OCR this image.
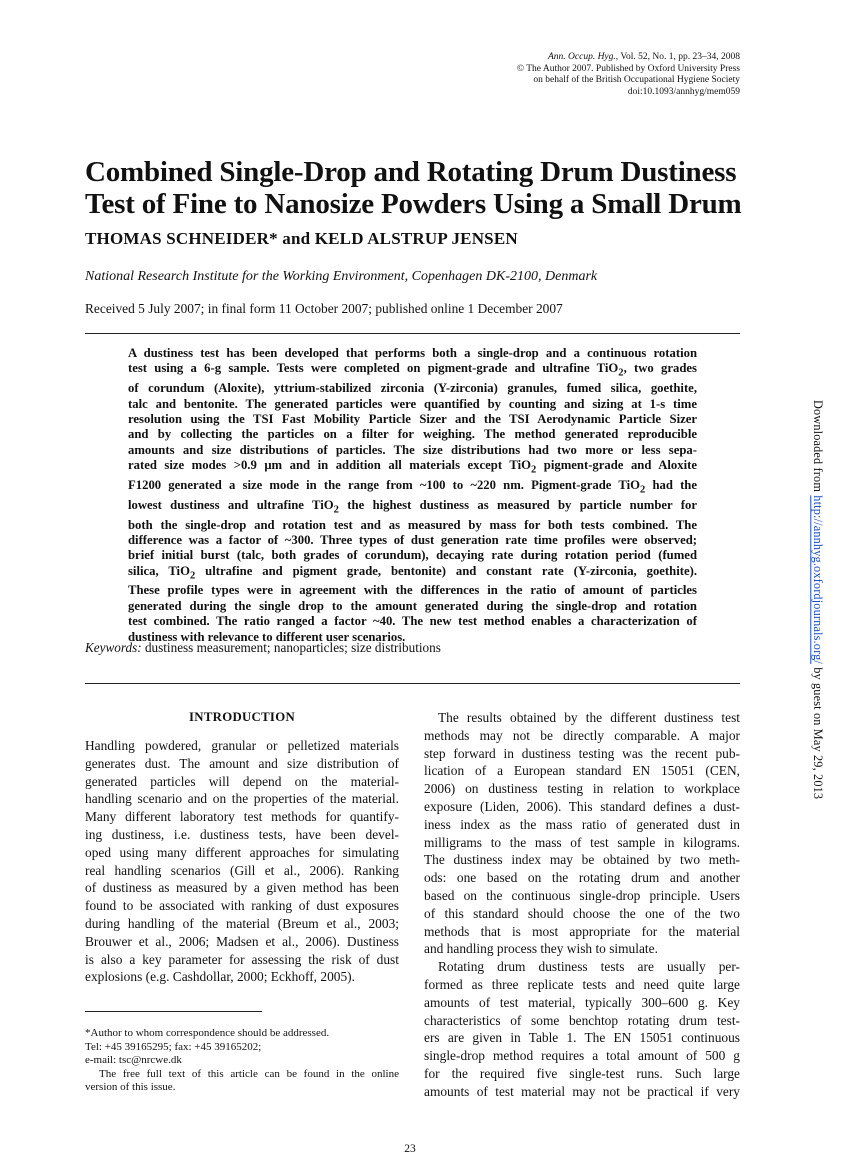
Ann. Occup. Hyg., Vol. 52, No. 1, pp. 23–34, 2008
© The Author 2007. Published by Oxford University Press
on behalf of the British Occupational Hygiene Society
doi:10.1093/annhyg/mem059
Combined Single-Drop and Rotating Drum Dustiness
Test of Fine to Nanosize Powders Using a Small Drum
THOMAS SCHNEIDER* and KELD ALSTRUP JENSEN
National Research Institute for the Working Environment, Copenhagen DK-2100, Denmark
Received 5 July 2007; in final form 11 October 2007; published online 1 December 2007
A dustiness test has been developed that performs both a single-drop and a continuous rotation
test using a 6-g sample. Tests were completed on pigment-grade and ultrafine TiO$_2$, two grades
of corundum (Aloxite), yttrium-stabilized zirconia (Y-zirconia) granules, fumed silica, goethite,
talc and bentonite. The generated particles were quantified by counting and sizing at 1-s time
resolution using the TSI Fast Mobility Particle Sizer and the TSI Aerodynamic Particle Sizer
and by collecting the particles on a filter for weighing. The method generated reproducible
amounts and size distributions of particles. The size distributions had two more or less sepa-
rated size modes >0.9 μm and in addition all materials except TiO$_2$ pigment-grade and Aloxite
F1200 generated a size mode in the range from ~100 to ~220 nm. Pigment-grade TiO$_2$ had the
lowest dustiness and ultrafine TiO$_2$ the highest dustiness as measured by particle number for
both the single-drop and rotation test and as measured by mass for both tests combined. The
difference was a factor of ~300. Three types of dust generation rate time profiles were observed;
brief initial burst (talc, both grades of corundum), decaying rate during rotation period (fumed
silica, TiO$_2$ ultrafine and pigment grade, bentonite) and constant rate (Y-zirconia, goethite).
These profile types were in agreement with the differences in the ratio of amount of particles
generated during the single drop to the amount generated during the single-drop and rotation
test combined. The ratio ranged a factor ~40. The new test method enables a characterization of
dustiness with relevance to different user scenarios.
Keywords: dustiness measurement; nanoparticles; size distributions
INTRODUCTION
Handling powdered, granular or pelletized materials
generates dust. The amount and size distribution of
generated particles will depend on the material-
handling scenario and on the properties of the material.
Many different laboratory test methods for quantify-
ing dustiness, i.e. dustiness tests, have been devel-
oped using many different approaches for simulating
real handling scenarios (Gill et al., 2006). Ranking
of dustiness as measured by a given method has been
found to be associated with ranking of dust exposures
during handling of the material (Breum et al., 2003;
Brouwer et al., 2006; Madsen et al., 2006). Dustiness
is also a key parameter for assessing the risk of dust
explosions (e.g. Cashdollar, 2000; Eckhoff, 2005).
*Author to whom correspondence should be addressed.
Tel: +45 39165295; fax: +45 39165202;
e-mail: tsc@nrcwe.dk
The free full text of this article can be found in the online
version of this issue.
The results obtained by the different dustiness test
methods may not be directly comparable. A major
step forward in dustiness testing was the recent pub-
lication of a European standard EN 15051 (CEN,
2006) on dustiness testing in relation to workplace
exposure (Liden, 2006). This standard defines a dust-
iness index as the mass ratio of generated dust in
milligrams to the mass of test sample in kilograms.
The dustiness index may be obtained by two meth-
ods: one based on the rotating drum and another
based on the continuous single-drop principle. Users
of this standard should choose the one of the two
methods that is most appropriate for the material
and handling process they wish to simulate.
Rotating drum dustiness tests are usually per-
formed as three replicate tests and need quite large
amounts of test material, typically 300–600 g. Key
characteristics of some benchtop rotating drum test-
ers are given in Table 1. The EN 15051 continuous
single-drop method requires a total amount of 500 g
for the required five single-test runs. Such large
amounts of test material may not be practical if very
23
Downloaded from http://annhyg.oxfordjournals.org/ by guest on May 29, 2013
